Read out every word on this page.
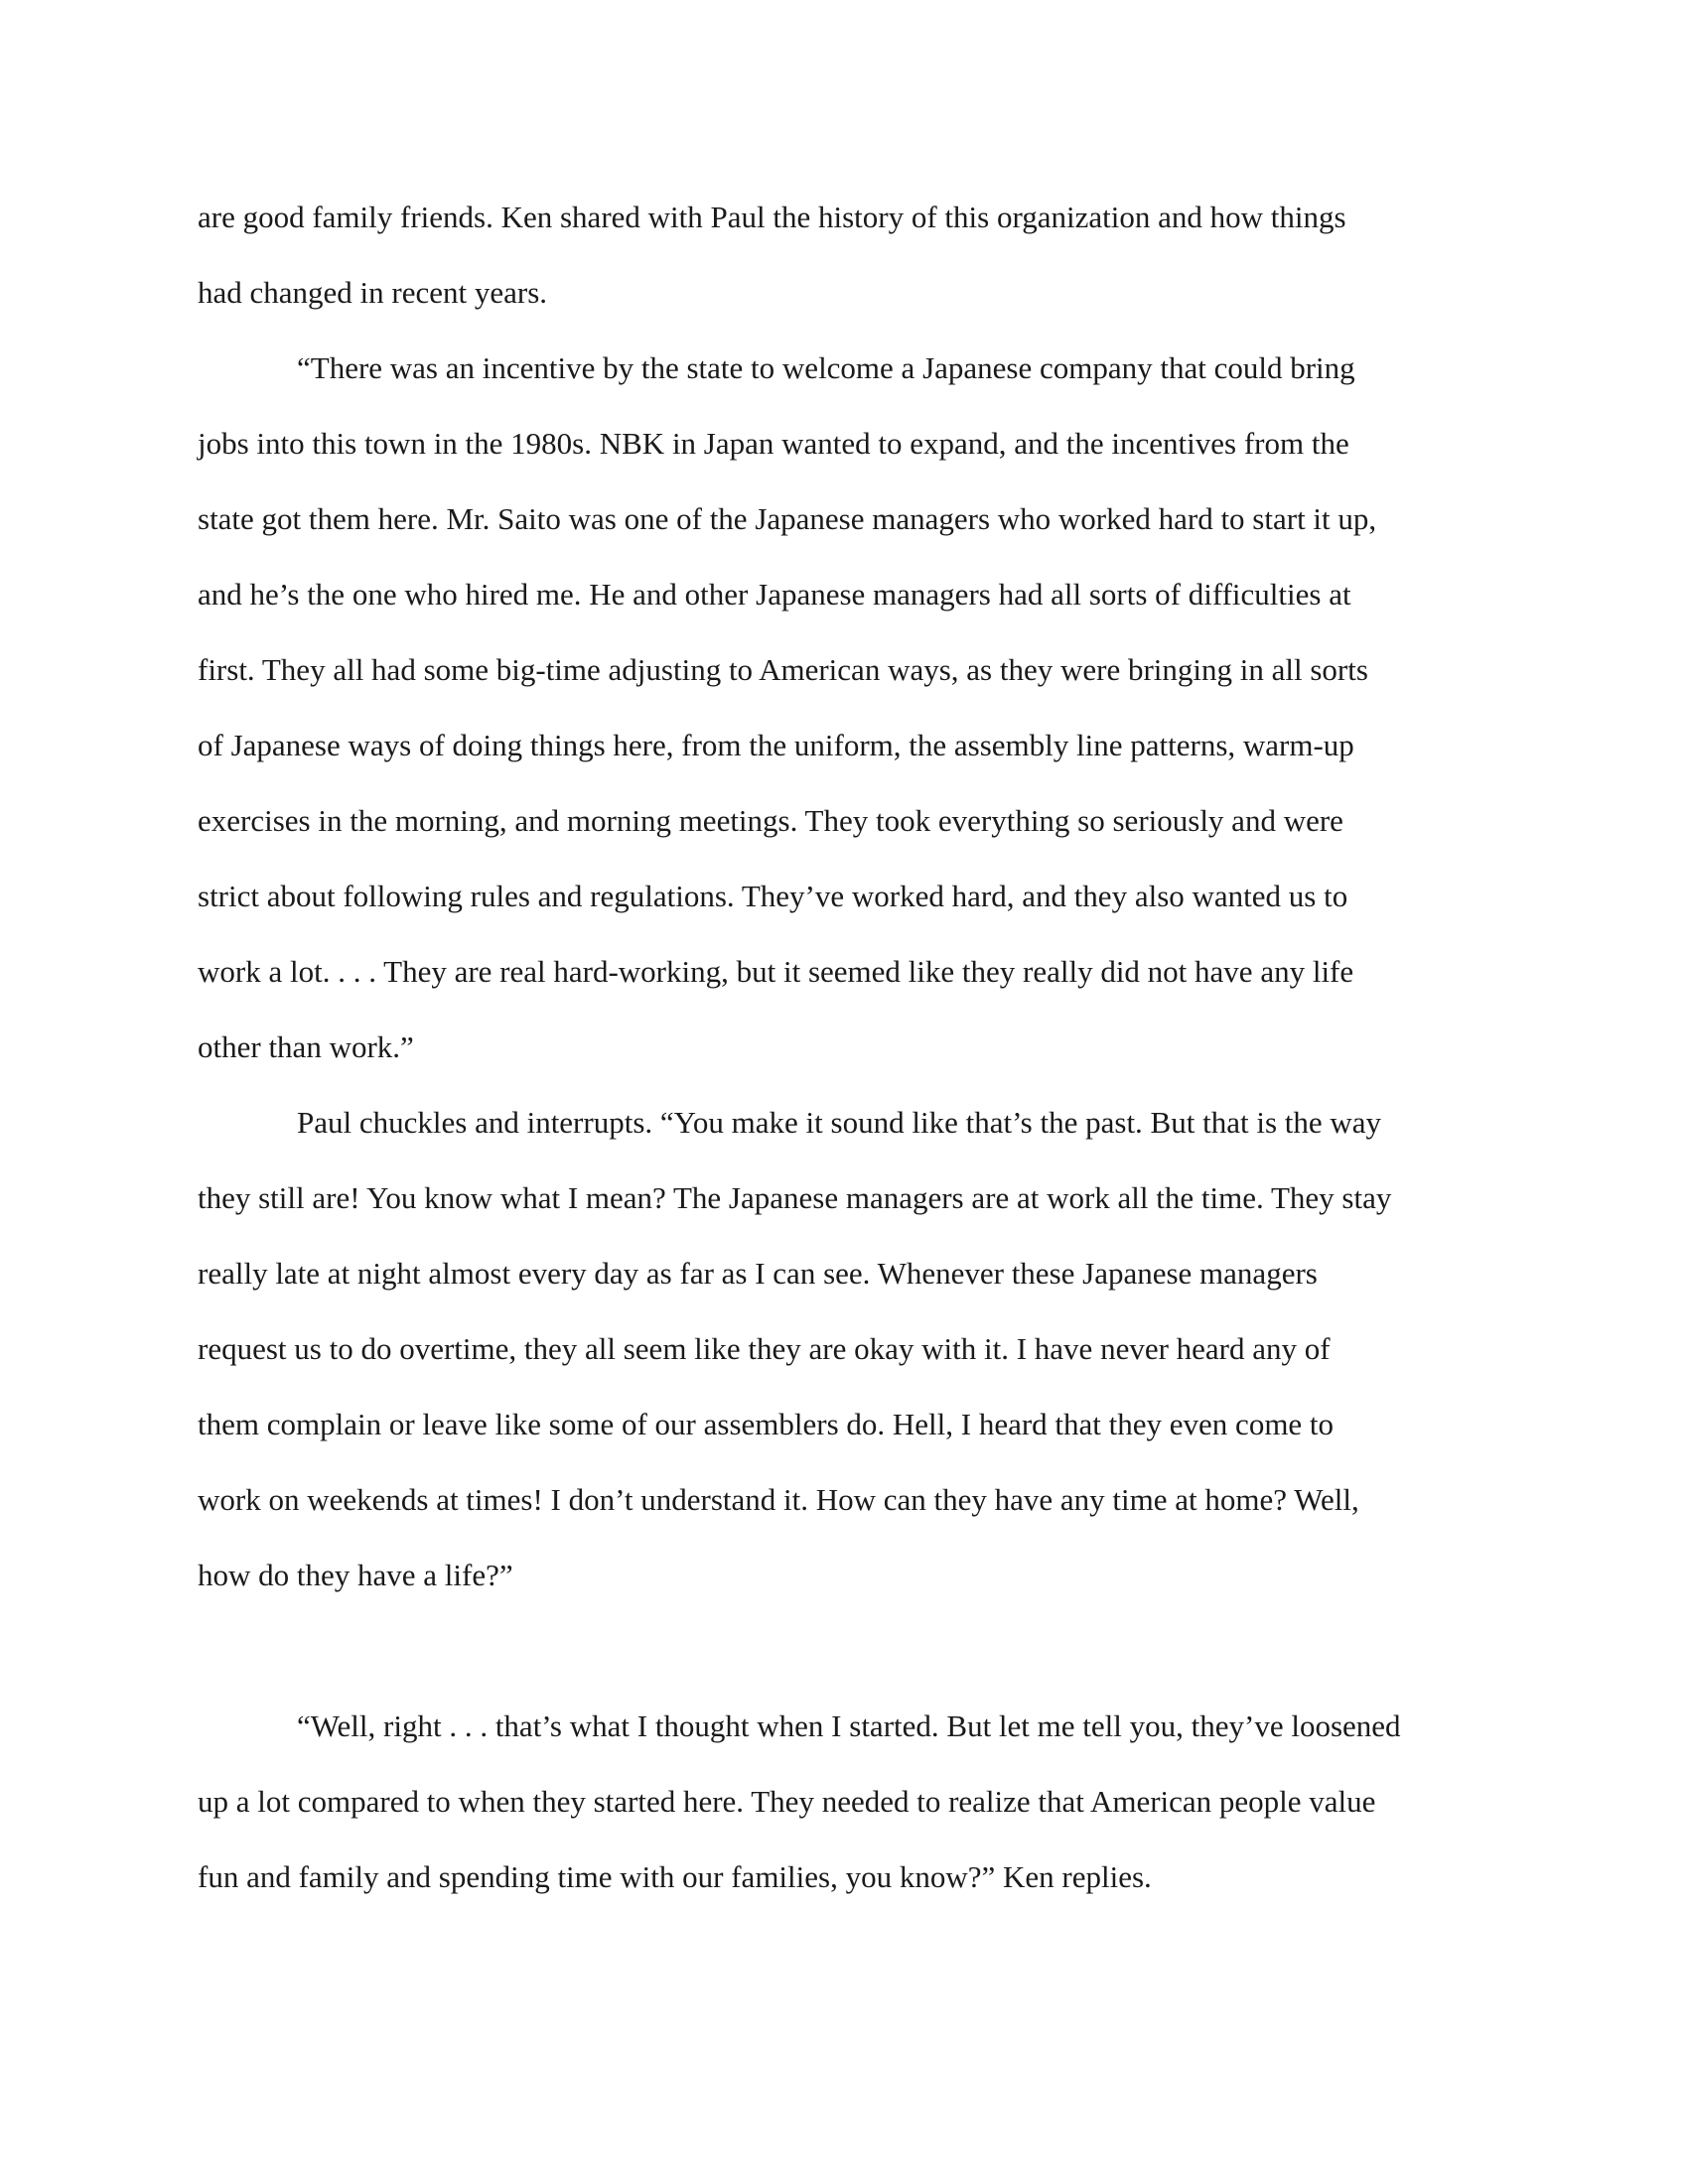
are good family friends. Ken shared with Paul the history of this organization and how things

had changed in recent years.

“There was an incentive by the state to welcome a Japanese company that could bring

jobs into this town in the 1980s. NBK in Japan wanted to expand, and the incentives from the

state got them here. Mr. Saito was one of the Japanese managers who worked hard to start it up,

and he’s the one who hired me. He and other Japanese managers had all sorts of difficulties at

first. They all had some big-time adjusting to American ways, as they were bringing in all sorts

of Japanese ways of doing things here, from the uniform, the assembly line patterns, warm-up

exercises in the morning, and morning meetings. They took everything so seriously and were

strict about following rules and regulations. They’ve worked hard, and they also wanted us to

work a lot. . . . They are real hard-working, but it seemed like they really did not have any life

other than work.”

Paul chuckles and interrupts. “You make it sound like that’s the past. But that is the way

they still are! You know what I mean? The Japanese managers are at work all the time. They stay

really late at night almost every day as far as I can see. Whenever these Japanese managers

request us to do overtime, they all seem like they are okay with it. I have never heard any of

them complain or leave like some of our assemblers do. Hell, I heard that they even come to

work on weekends at times! I don’t understand it. How can they have any time at home? Well,

how do they have a life?”

“Well, right . . . that’s what I thought when I started. But let me tell you, they’ve loosened

up a lot compared to when they started here. They needed to realize that American people value

fun and family and spending time with our families, you know?” Ken replies.
